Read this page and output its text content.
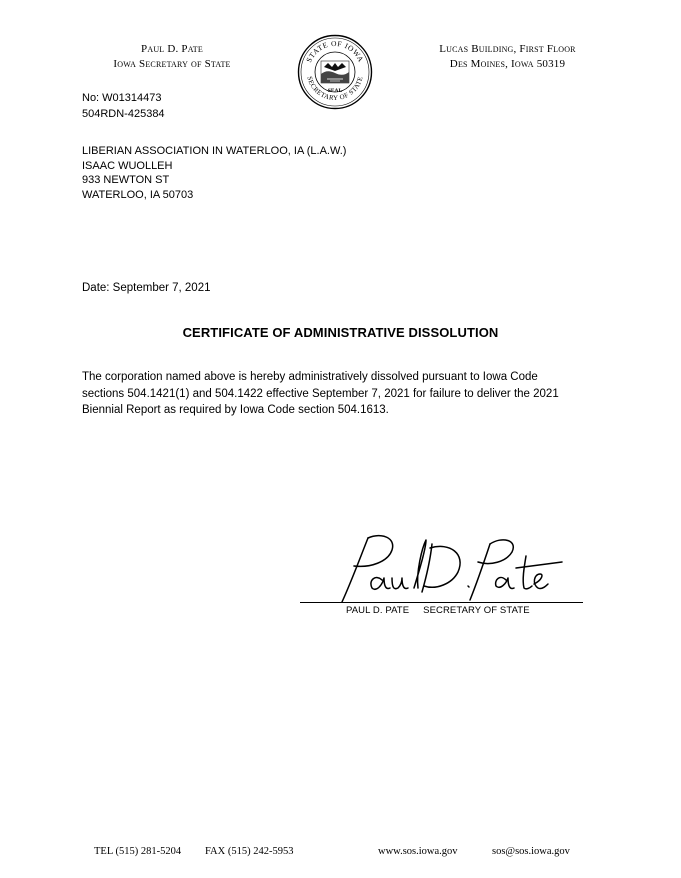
Paul D. Pate
Iowa Secretary of State	STATE OF IOWA
SECRETARY OF STATE
SEAL
Lucas Building, First Floor
Des Moines, Iowa 50319
No: W01314473
504RDN-425384
LIBERIAN ASSOCIATION IN WATERLOO, IA (L.A.W.)
ISAAC WUOLLEH
933 NEWTON ST
WATERLOO, IA 50703
Date: September 7, 2021
CERTIFICATE OF ADMINISTRATIVE DISSOLUTION
The corporation named above is hereby administratively dissolved pursuant to Iowa Code sections 504.1421(1) and 504.1422 effective September 7, 2021 for failure to deliver the 2021 Biennial Report as required by Iowa Code section 504.1613.
PAUL D. PATE SECRETARY OF STATE
TEL (515) 281-5204 FAX (515) 242-5953	www.sos.iowa.gov	sos@sos.iowa.gov
